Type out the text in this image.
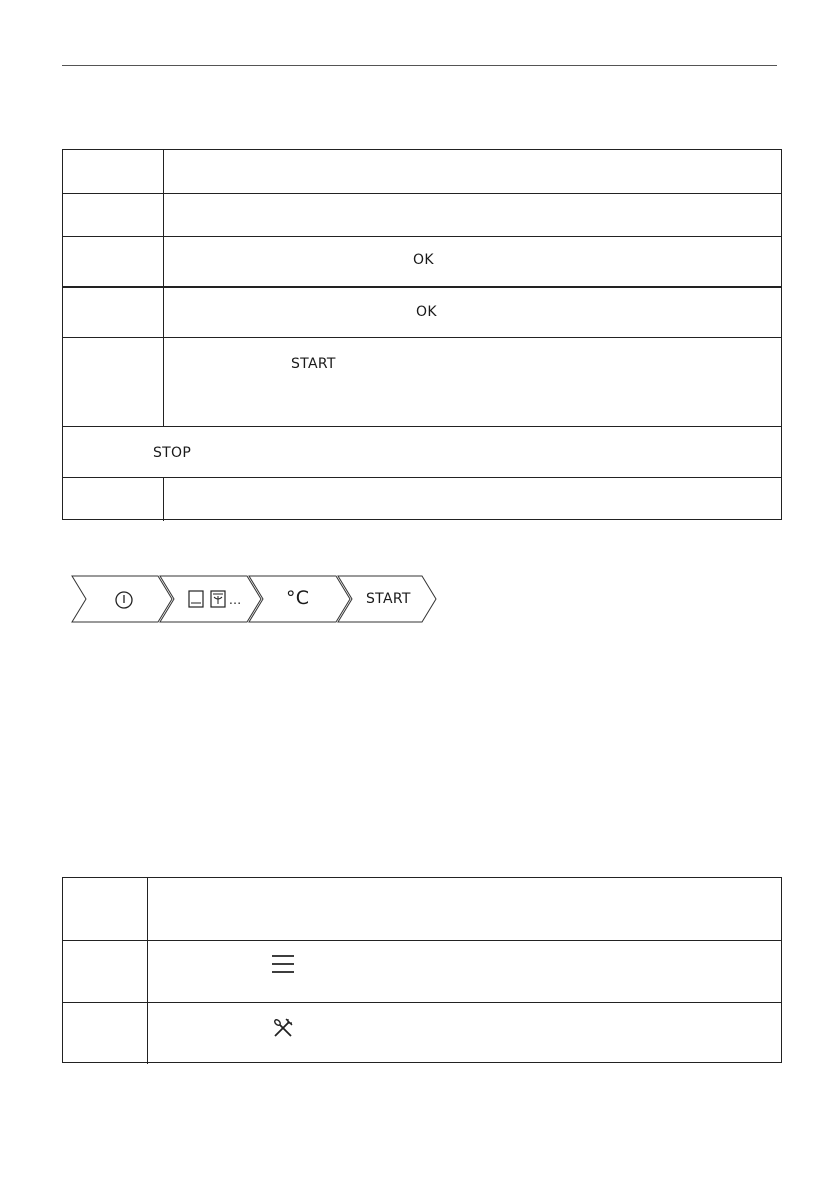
OK
OK
START
STOP
... °C	START
